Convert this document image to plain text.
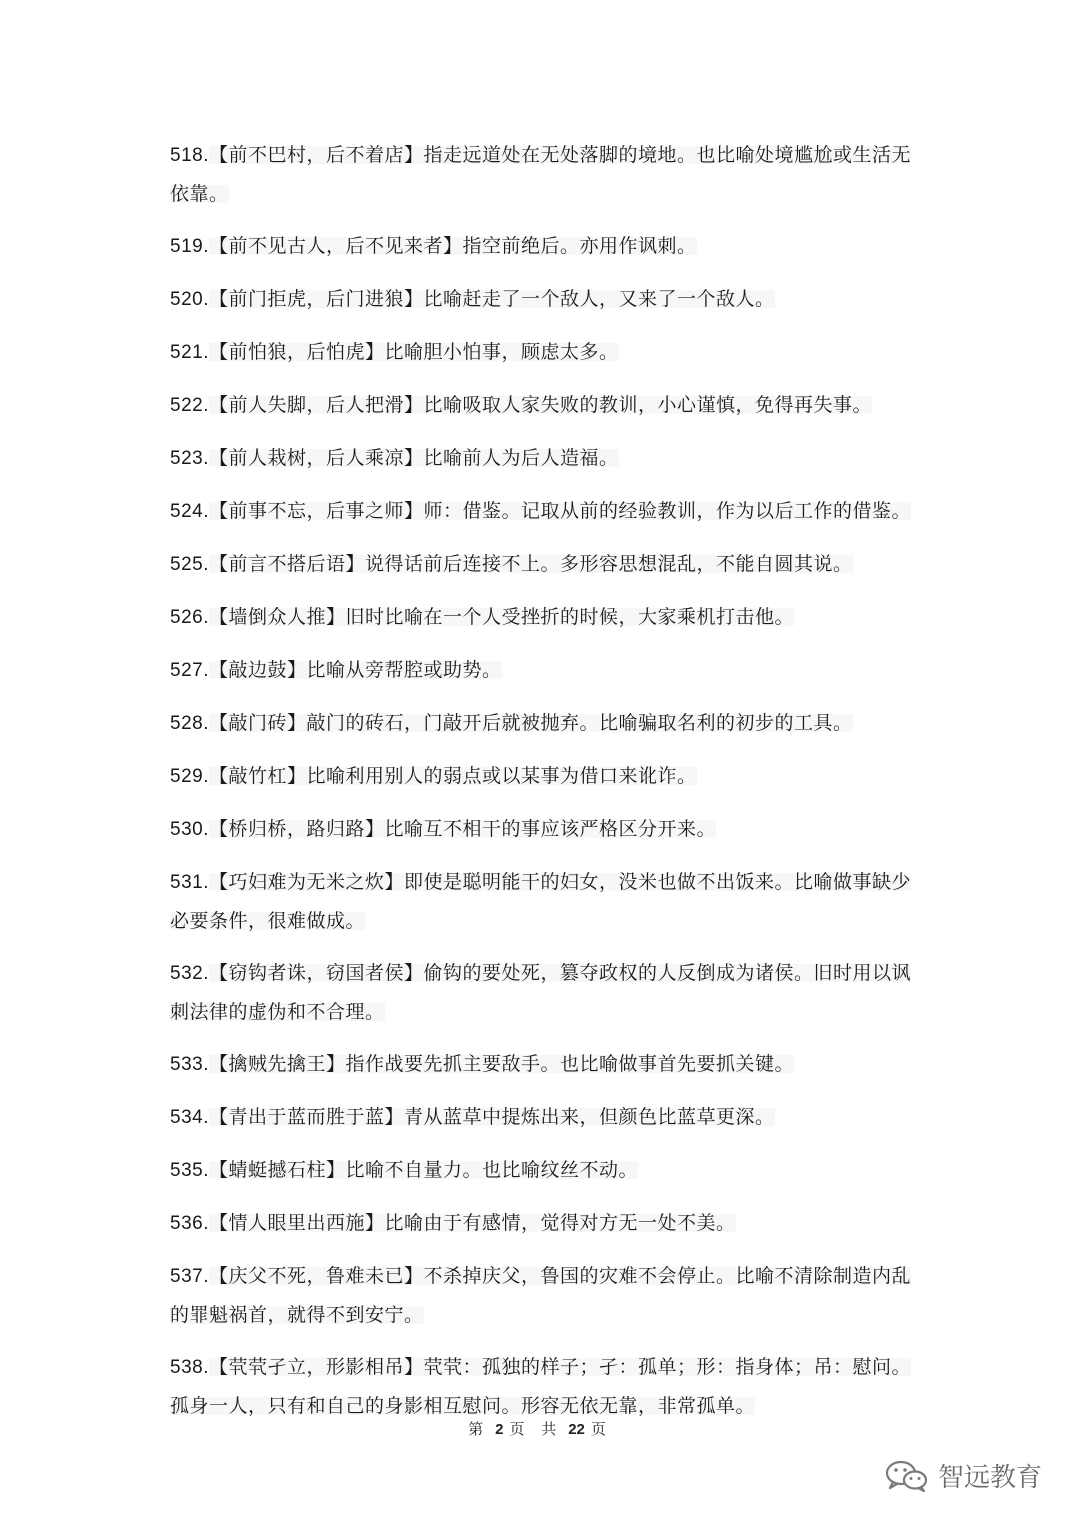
518.【前不巴村，后不着店】指走远道处在无处落脚的境地。也比喻处境尴尬或生活无依靠。
519.【前不见古人，后不见来者】指空前绝后。亦用作讽刺。
520.【前门拒虎，后门进狼】比喻赶走了一个敌人，又来了一个敌人。
521.【前怕狼，后怕虎】比喻胆小怕事，顾虑太多。
522.【前人失脚，后人把滑】比喻吸取人家失败的教训，小心谨慎，免得再失事。
523.【前人栽树，后人乘凉】比喻前人为后人造福。
524.【前事不忘，后事之师】师：借鉴。记取从前的经验教训，作为以后工作的借鉴。
525.【前言不搭后语】说得话前后连接不上。多形容思想混乱，不能自圆其说。
526.【墙倒众人推】旧时比喻在一个人受挫折的时候，大家乘机打击他。
527.【敲边鼓】比喻从旁帮腔或助势。
528.【敲门砖】敲门的砖石，门敲开后就被抛弃。比喻骗取名利的初步的工具。
529.【敲竹杠】比喻利用别人的弱点或以某事为借口来讹诈。
530.【桥归桥，路归路】比喻互不相干的事应该严格区分开来。
531.【巧妇难为无米之炊】即使是聪明能干的妇女，没米也做不出饭来。比喻做事缺少必要条件，很难做成。
532.【窃钩者诛，窃国者侯】偷钩的要处死，篡夺政权的人反倒成为诸侯。旧时用以讽刺法律的虚伪和不合理。
533.【擒贼先擒王】指作战要先抓主要敌手。也比喻做事首先要抓关键。
534.【青出于蓝而胜于蓝】青从蓝草中提炼出来，但颜色比蓝草更深。
535.【蜻蜓撼石柱】比喻不自量力。也比喻纹丝不动。
536.【情人眼里出西施】比喻由于有感情，觉得对方无一处不美。
537.【庆父不死，鲁难未已】不杀掉庆父，鲁国的灾难不会停止。比喻不清除制造内乱的罪魁祸首，就得不到安宁。
538.【茕茕孑立，形影相吊】茕茕：孤独的样子；孑：孤单；形：指身体；吊：慰问。孤身一人，只有和自己的身影相互慰问。形容无依无靠，非常孤单。
第 2 页 共 22 页
智远教育
